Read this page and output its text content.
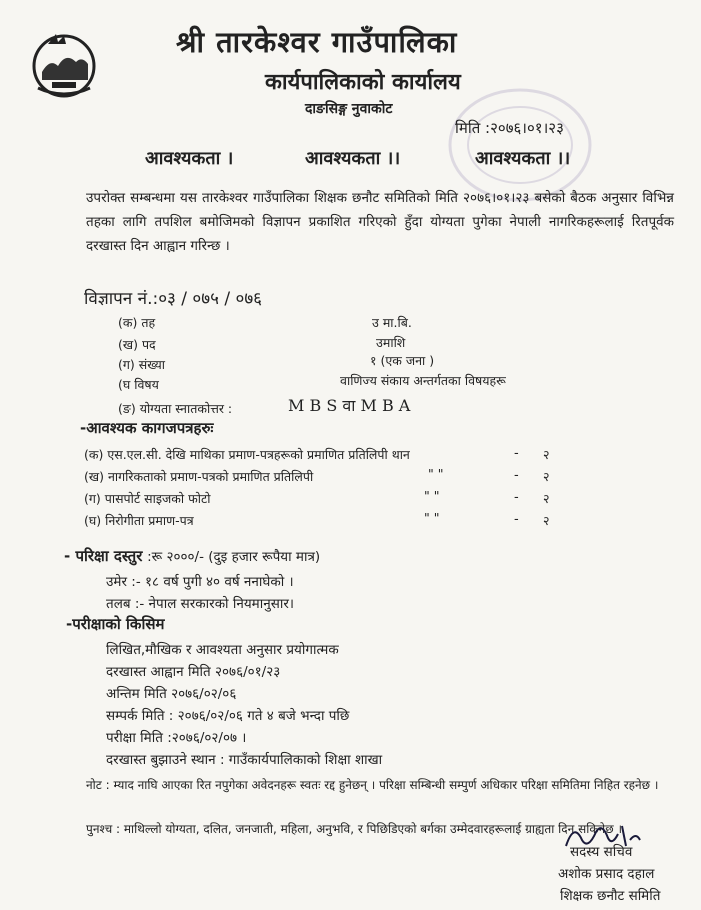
श्री तारकेश्वर गाउँपालिका
कार्यपालिकाको कार्यालय
दाङसिङ्ग नुवाकोट
मिति :२०७६।०१।२३
आवश्यकता ।	आवश्यकता ।।	आवश्यकता ।।
उपरोक्त सम्बन्धमा यस तारकेश्वर गाउँपालिका शिक्षक छनौट समितिको मिति २०७६।०१।२३ बसेको बैठक अनुसार विभिन्न तहका लागि तपशिल बमोजिमको विज्ञापन प्रकाशित गरिएको हुँदा योग्यता पुगेका नेपाली नागरिकहरूलाई रितपूर्वक दरखास्त दिन आह्वान गरिन्छ ।
विज्ञापन नं.:०३ / ०७५ / ०७६
(क) तह	उ मा.बि.
(ख) पद	उमाशि
(ग) संख्या	१ (एक जना )
(घ विषय	वाणिज्य संकाय अन्तर्गतका विषयहरू
(ङ) योग्यता स्नातकोत्तर :	M B S वा M B A
-आवश्यक कागजपत्रहरुः
(क) एस.एल.सी. देखि माथिका प्रमाण-पत्रहरूको प्रमाणित प्रतिलिपी थान	- २
(ख) नागरिकताको प्रमाण-पत्रको प्रमाणित प्रतिलिपी	" "	- २
(ग) पासपोर्ट साइजको फोटो	" "	- २
(घ) निरोगीता प्रमाण-पत्र	" "	- २
- परिक्षा दस्तुर :रू २०००/- (दुइ हजार रूपैया मात्र)
उमेर :- १८ वर्ष पुगी ४० वर्ष ननाघेको ।
तलब :- नेपाल सरकारको नियमानुसार।
-परीक्षाको किसिम
लिखित,मौखिक र आवश्यता अनुसार प्रयोगात्मक
दरखास्त आह्वान मिति २०७६/०१/२३
अन्तिम मिति २०७६/०२/०६
सम्पर्क मिति : २०७६/०२/०६ गते ४ बजे भन्दा पछि
परीक्षा मिति :२०७६/०२/०७ ।
दरखास्त बुझाउने स्थान : गाउँकार्यपालिकाको शिक्षा शाखा
नोट : म्याद नाघि आएका रित नपुगेका अवेदनहरू स्वतः रद्द हुनेछन् । परिक्षा सम्बिन्धी सम्पुर्ण अधिकार परिक्षा समितिमा निहित रहनेछ ।
पुनश्च : माथिल्लो योग्यता, दलित, जनजाती, महिला, अनुभवि, र पिछिडिएको बर्गका उम्मेदवारहरूलाई ग्राह्यता दिन सकिनेछ ।
सदस्य सचिव
अशोक प्रसाद दहाल
शिक्षक छनौट समिति
